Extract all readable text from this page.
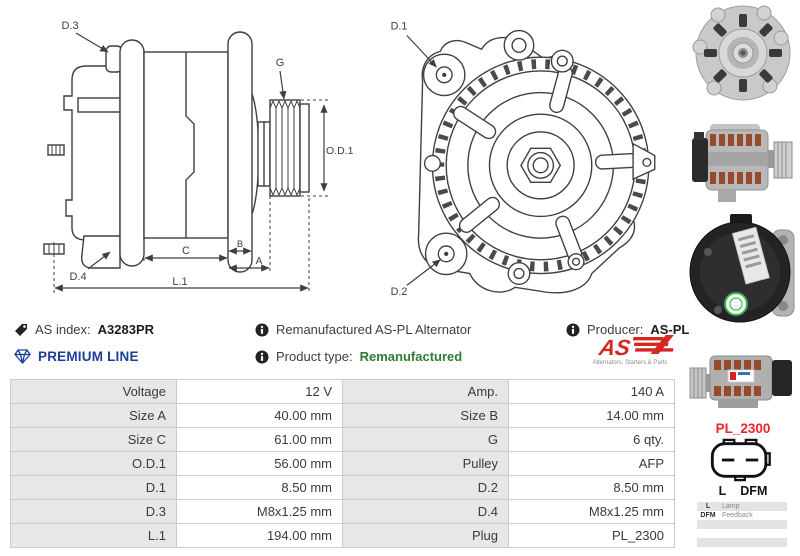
D.3
G
O.D.1
D.4
C
B
A
L.1
D.1
D.2
AS index: A3283PR	Remanufactured AS-PL Alternator	Producer: AS-PL
PREMIUM LINE	Product type: Remanufactured	AS
Alternators, Starters & Parts
Voltage	12 V	Amp.	140 A
Size A	40.00 mm	Size B	14.00 mm
Size C	61.00 mm	G	6 qty.
O.D.1	56.00 mm	Pulley	AFP
D.1	8.50 mm	D.2	8.50 mm
D.3	M8x1.25 mm	D.4	M8x1.25 mm
L.1	194.00 mm	Plug	PL_2300
PL_2300
L DFM
L	Lamp
DFM	Feedback
